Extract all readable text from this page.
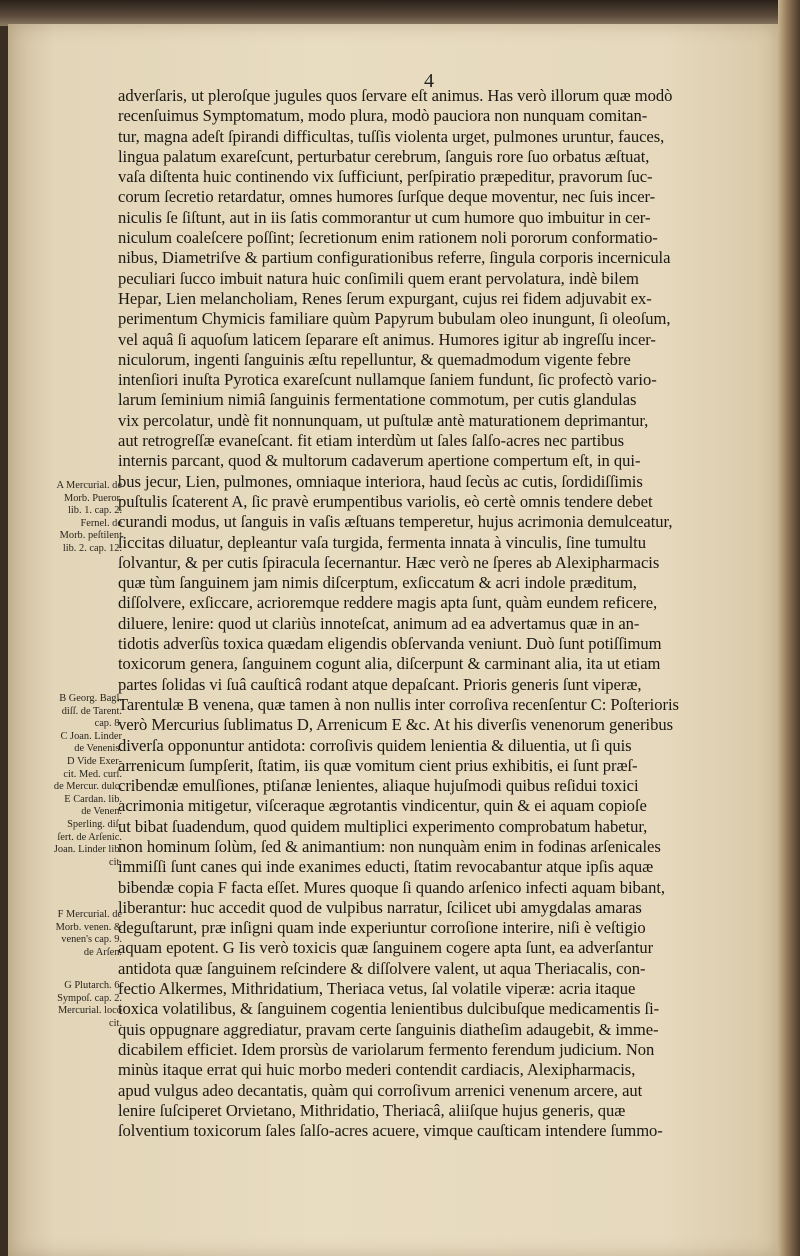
4
adverſaris, ut pleroſque jugules quos ſervare eſt animus. Has verò illorum quæ modò
recenſuimus Symptomatum, modo plura, modò pauciora non nunquam comitan-
tur, magna adeſt ſpirandi difficultas, tuſſis violenta urget, pulmones uruntur, fauces,
lingua palatum exareſcunt, perturbatur cerebrum, ſanguis rore ſuo orbatus æſtuat,
vaſa diſtenta huic continendo vix ſufficiunt, perſpiratio præpeditur, pravorum ſuc-
corum ſecretio retardatur, omnes humores ſurſque deque moventur, nec ſuis incer-
niculis ſe ſiſtunt, aut in iis ſatis commorantur ut cum humore quo imbuitur in cer-
niculum coaleſcere poſſint; ſecretionum enim rationem noli pororum conformatio-
nibus, Diametriſve & partium configurationibus referre, ſingula corporis incernicula
peculiari ſucco imbuit natura huic conſimili quem erant pervolatura, indè bilem
Hepar, Lien melancholiam, Renes ſerum expurgant, cujus rei fidem adjuvabit ex-
perimentum Chymicis familiare quùm Papyrum bubulam oleo inungunt, ſi oleoſum,
vel aquâ ſi aquoſum laticem ſeparare eſt animus. Humores igitur ab ingreſſu incer-
niculorum, ingenti ſanguinis æſtu repelluntur, & quemadmodum vigente febre
intenſiori inuſta Pyrotica exareſcunt nullamque ſaniem fundunt, ſic profectò vario-
larum ſeminium nimiâ ſanguinis fermentatione commotum, per cutis glandulas
vix percolatur, undè fit nonnunquam, ut puſtulæ antè maturationem deprimantur,
aut retrogreſſæ evaneſcant. fit etiam interdùm ut ſales ſalſo-acres nec partibus
internis parcant, quod & multorum cadaverum apertione compertum eſt, in qui-
bus jecur, Lien, pulmones, omniaque interiora, haud ſecùs ac cutis, ſordidiſſimis
puſtulis ſcaterent A, ſic pravè erumpentibus variolis, eò certè omnis tendere debet
curandi modus, ut ſanguis in vaſis æſtuans temperetur, hujus acrimonia demulceatur,
ſiccitas diluatur, depleantur vaſa turgida, fermenta innata à vinculis, ſine tumultu
ſolvantur, & per cutis ſpiracula ſecernantur. Hæc verò ne ſperes ab Alexipharmacis
quæ tùm ſanguinem jam nimis diſcerptum, exſiccatum & acri indole præditum,
diſſolvere, exſiccare, acrioremque reddere magis apta ſunt, quàm eundem reficere,
diluere, lenire: quod ut clariùs innoteſcat, animum ad ea advertamus quæ in an-
tidotis adverſùs toxica quædam eligendis obſervanda veniunt. Duò ſunt potiſſimum
toxicorum genera, ſanguinem cogunt alia, diſcerpunt & carminant alia, ita ut etiam
partes ſolidas vi ſuâ cauſticâ rodant atque depaſcant. Prioris generis ſunt viperæ,
Tarentulæ B venena, quæ tamen à non nullis inter corroſiva recenſentur C: Poſterioris
verò Mercurius ſublimatus D, Arrenicum E &c. At his diverſis venenorum generibus
diverſa opponuntur antidota: corroſivis quidem lenientia & diluentia, ut ſi quis
arrenicum ſumpſerit, ſtatim, iis quæ vomitum cient prius exhibitis, ei ſunt præſ-
cribendæ emulſiones, ptiſanæ lenientes, aliaque hujuſmodi quibus reſidui toxici
acrimonia mitigetur, viſceraque ægrotantis vindicentur, quin & ei aquam copioſe
ut bibat ſuadendum, quod quidem multiplici experimento comprobatum habetur,
non hominum ſolùm, ſed & animantium: non nunquàm enim in fodinas arſenicales
immiſſi ſunt canes qui inde exanimes educti, ſtatim revocabantur atque ipſis aquæ
bibendæ copia F facta eſſet. Mures quoque ſi quando arſenico infecti aquam bibant,
liberantur: huc accedit quod de vulpibus narratur, ſcilicet ubi amygdalas amaras
deguſtarunt, præ inſigni quam inde experiuntur corroſione interire, niſi è veſtigio
aquam epotent. G Iis verò toxicis quæ ſanguinem cogere apta ſunt, ea adverſantur
antidota quæ ſanguinem reſcindere & diſſolvere valent, ut aqua Theriacalis, con-
fectio Alkermes, Mithridatium, Theriaca vetus, ſal volatile viperæ: acria itaque
toxica volatilibus, & ſanguinem cogentia lenientibus dulcibuſque medicamentis ſi-
quis oppugnare aggrediatur, pravam certe ſanguinis diatheſim adaugebit, & imme-
dicabilem efficiet. Idem prorsùs de variolarum fermento ferendum judicium. Non
minùs itaque errat qui huic morbo mederi contendit cardiacis, Alexipharmacis,
apud vulgus adeo decantatis, quàm qui corroſivum arrenici venenum arcere, aut
lenire ſuſciperet Orvietano, Mithridatio, Theriacâ, aliiſque hujus generis, quæ
ſolventium toxicorum ſales ſalſo-acres acuere, vimque cauſticam intendere ſummo-
A Mercurial. de
Morb. Pueror.
lib. 1. cap. 2.
Fernel. de
Morb. peſtilent
lib. 2. cap. 12.
B Georg. Bagl.
diſſ. de Tarent.
cap. 8.
C Joan. Linder
de Venenis.
D Vide Exer-
cit. Med. curſ.
de Mercur. dulc.
E Cardan. lib.
de Venen.
Sperling. diſ-
ſert. de Arſenic.
Joan. Linder lib.
cit.
F Mercurial. de
Morb. venen. &
venen's cap. 9.
de Arſen.
G Plutarch. 6.
Sympoſ. cap. 2.
Mercurial. loco
cit.
